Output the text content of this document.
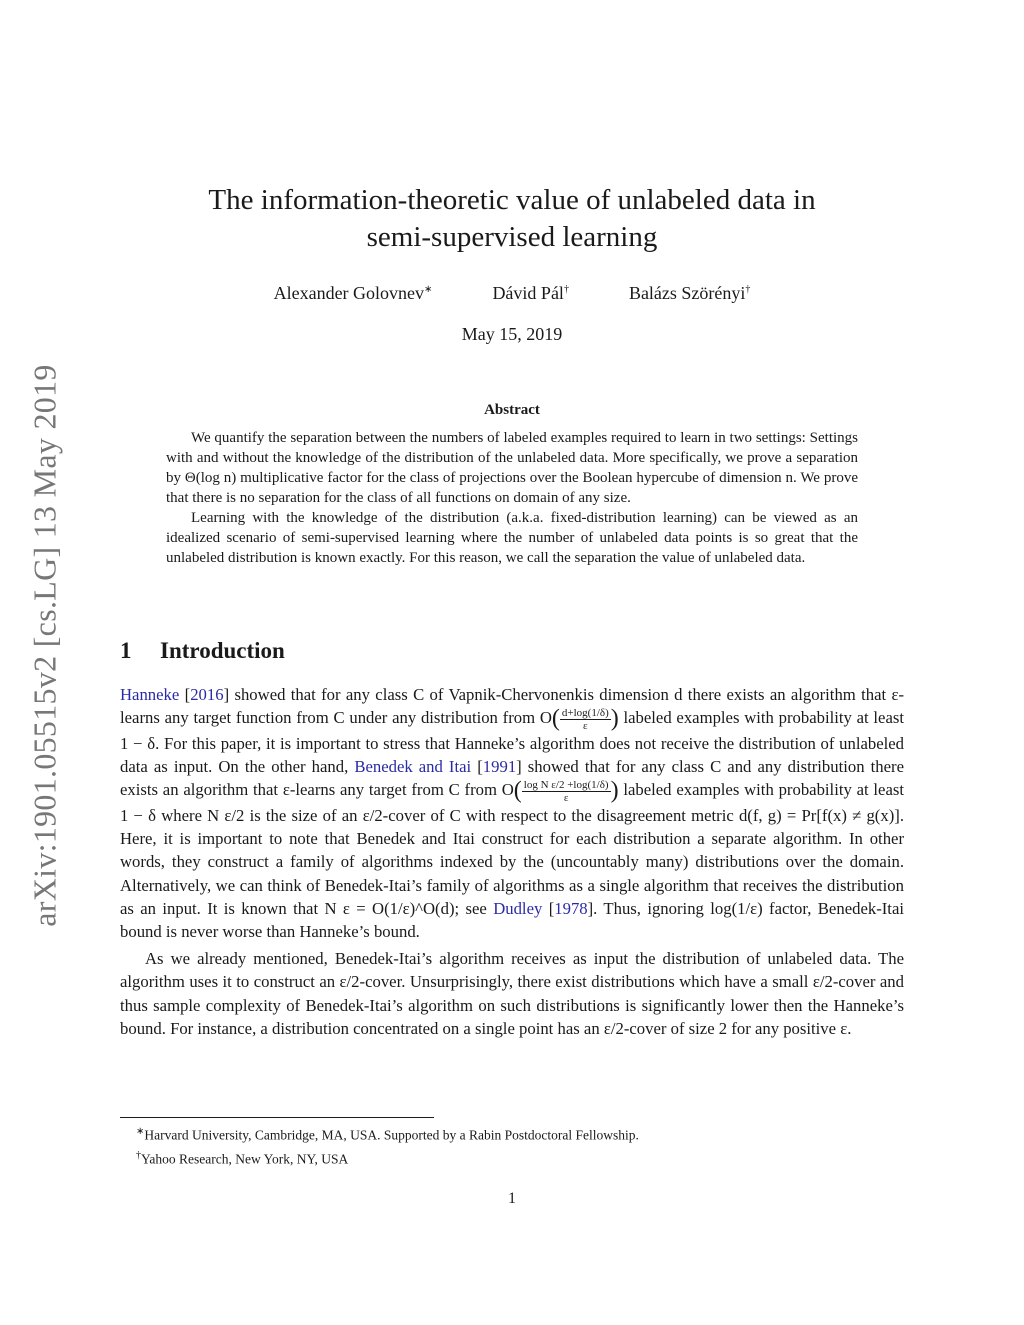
arXiv:1901.05515v2 [cs.LG] 13 May 2019
The information-theoretic value of unlabeled data in
semi-supervised learning
Alexander Golovnev∗	Dávid Pál†	Balázs Szörényi†
May 15, 2019
Abstract

We quantify the separation between the numbers of labeled examples required to learn in two settings: Settings with and without the knowledge of the distribution of the unlabeled data. More specifically, we prove a separation by Θ(log n) multiplicative factor for the class of projections over the Boolean hypercube of dimension n. We prove that there is no separation for the class of all functions on domain of any size.

Learning with the knowledge of the distribution (a.k.a. fixed-distribution learning) can be viewed as an idealized scenario of semi-supervised learning where the number of unlabeled data points is so great that the unlabeled distribution is known exactly. For this reason, we call the separation the value of unlabeled data.

1 Introduction

Hanneke [2016] showed that for any class C of Vapnik-Chervonenkis dimension d there exists an algorithm that ε-learns any target function from C under any distribution from $O( \frac{d+\log(1/\delta)}{\varepsilon}$ ) labeled examples with probability at least 1 − δ. For this paper, it is important to stress that Hanneke’s algorithm does not receive the distribution of unlabeled data as input. On the other hand, Benedek and Itai [1991] showed that for any class C and any distribution there exists an algorithm that ε-learns any target from C from $O( \frac{\text{log N ε/2 +log(1/δ)}}{\varepsilon}$ ) labeled examples with probability at least 1 − δ where N ε/2 is the size of an ε/2-cover of C with respect to the disagreement metric d(f, g) = Pr[f(x) ≠ g(x)]. Here, it is important to note that Benedek and Itai construct for each distribution a separate algorithm. In other words, they construct a family of algorithms indexed by the (uncountably many) distributions over the domain. Alternatively, we can think of Benedek-Itai’s family of algorithms as a single algorithm that receives the distribution as an input. It is known that N ε = O(1/ε)^O(d); see Dudley [1978]. Thus, ignoring log(1/ε) factor, Benedek-Itai bound is never worse than Hanneke’s bound.

As we already mentioned, Benedek-Itai’s algorithm receives as input the distribution of unlabeled data. The algorithm uses it to construct an ε/2-cover. Unsurprisingly, there exist distributions which have a small ε/2-cover and thus sample complexity of Benedek-Itai’s algorithm on such distributions is significantly lower then the Hanneke’s bound. For instance, a distribution concentrated on a single point has an ε/2-cover of size 2 for any positive ε.

∗Harvard University, Cambridge, MA, USA. Supported by a Rabin Postdoctoral Fellowship.
†Yahoo Research, New York, NY, USA
1
